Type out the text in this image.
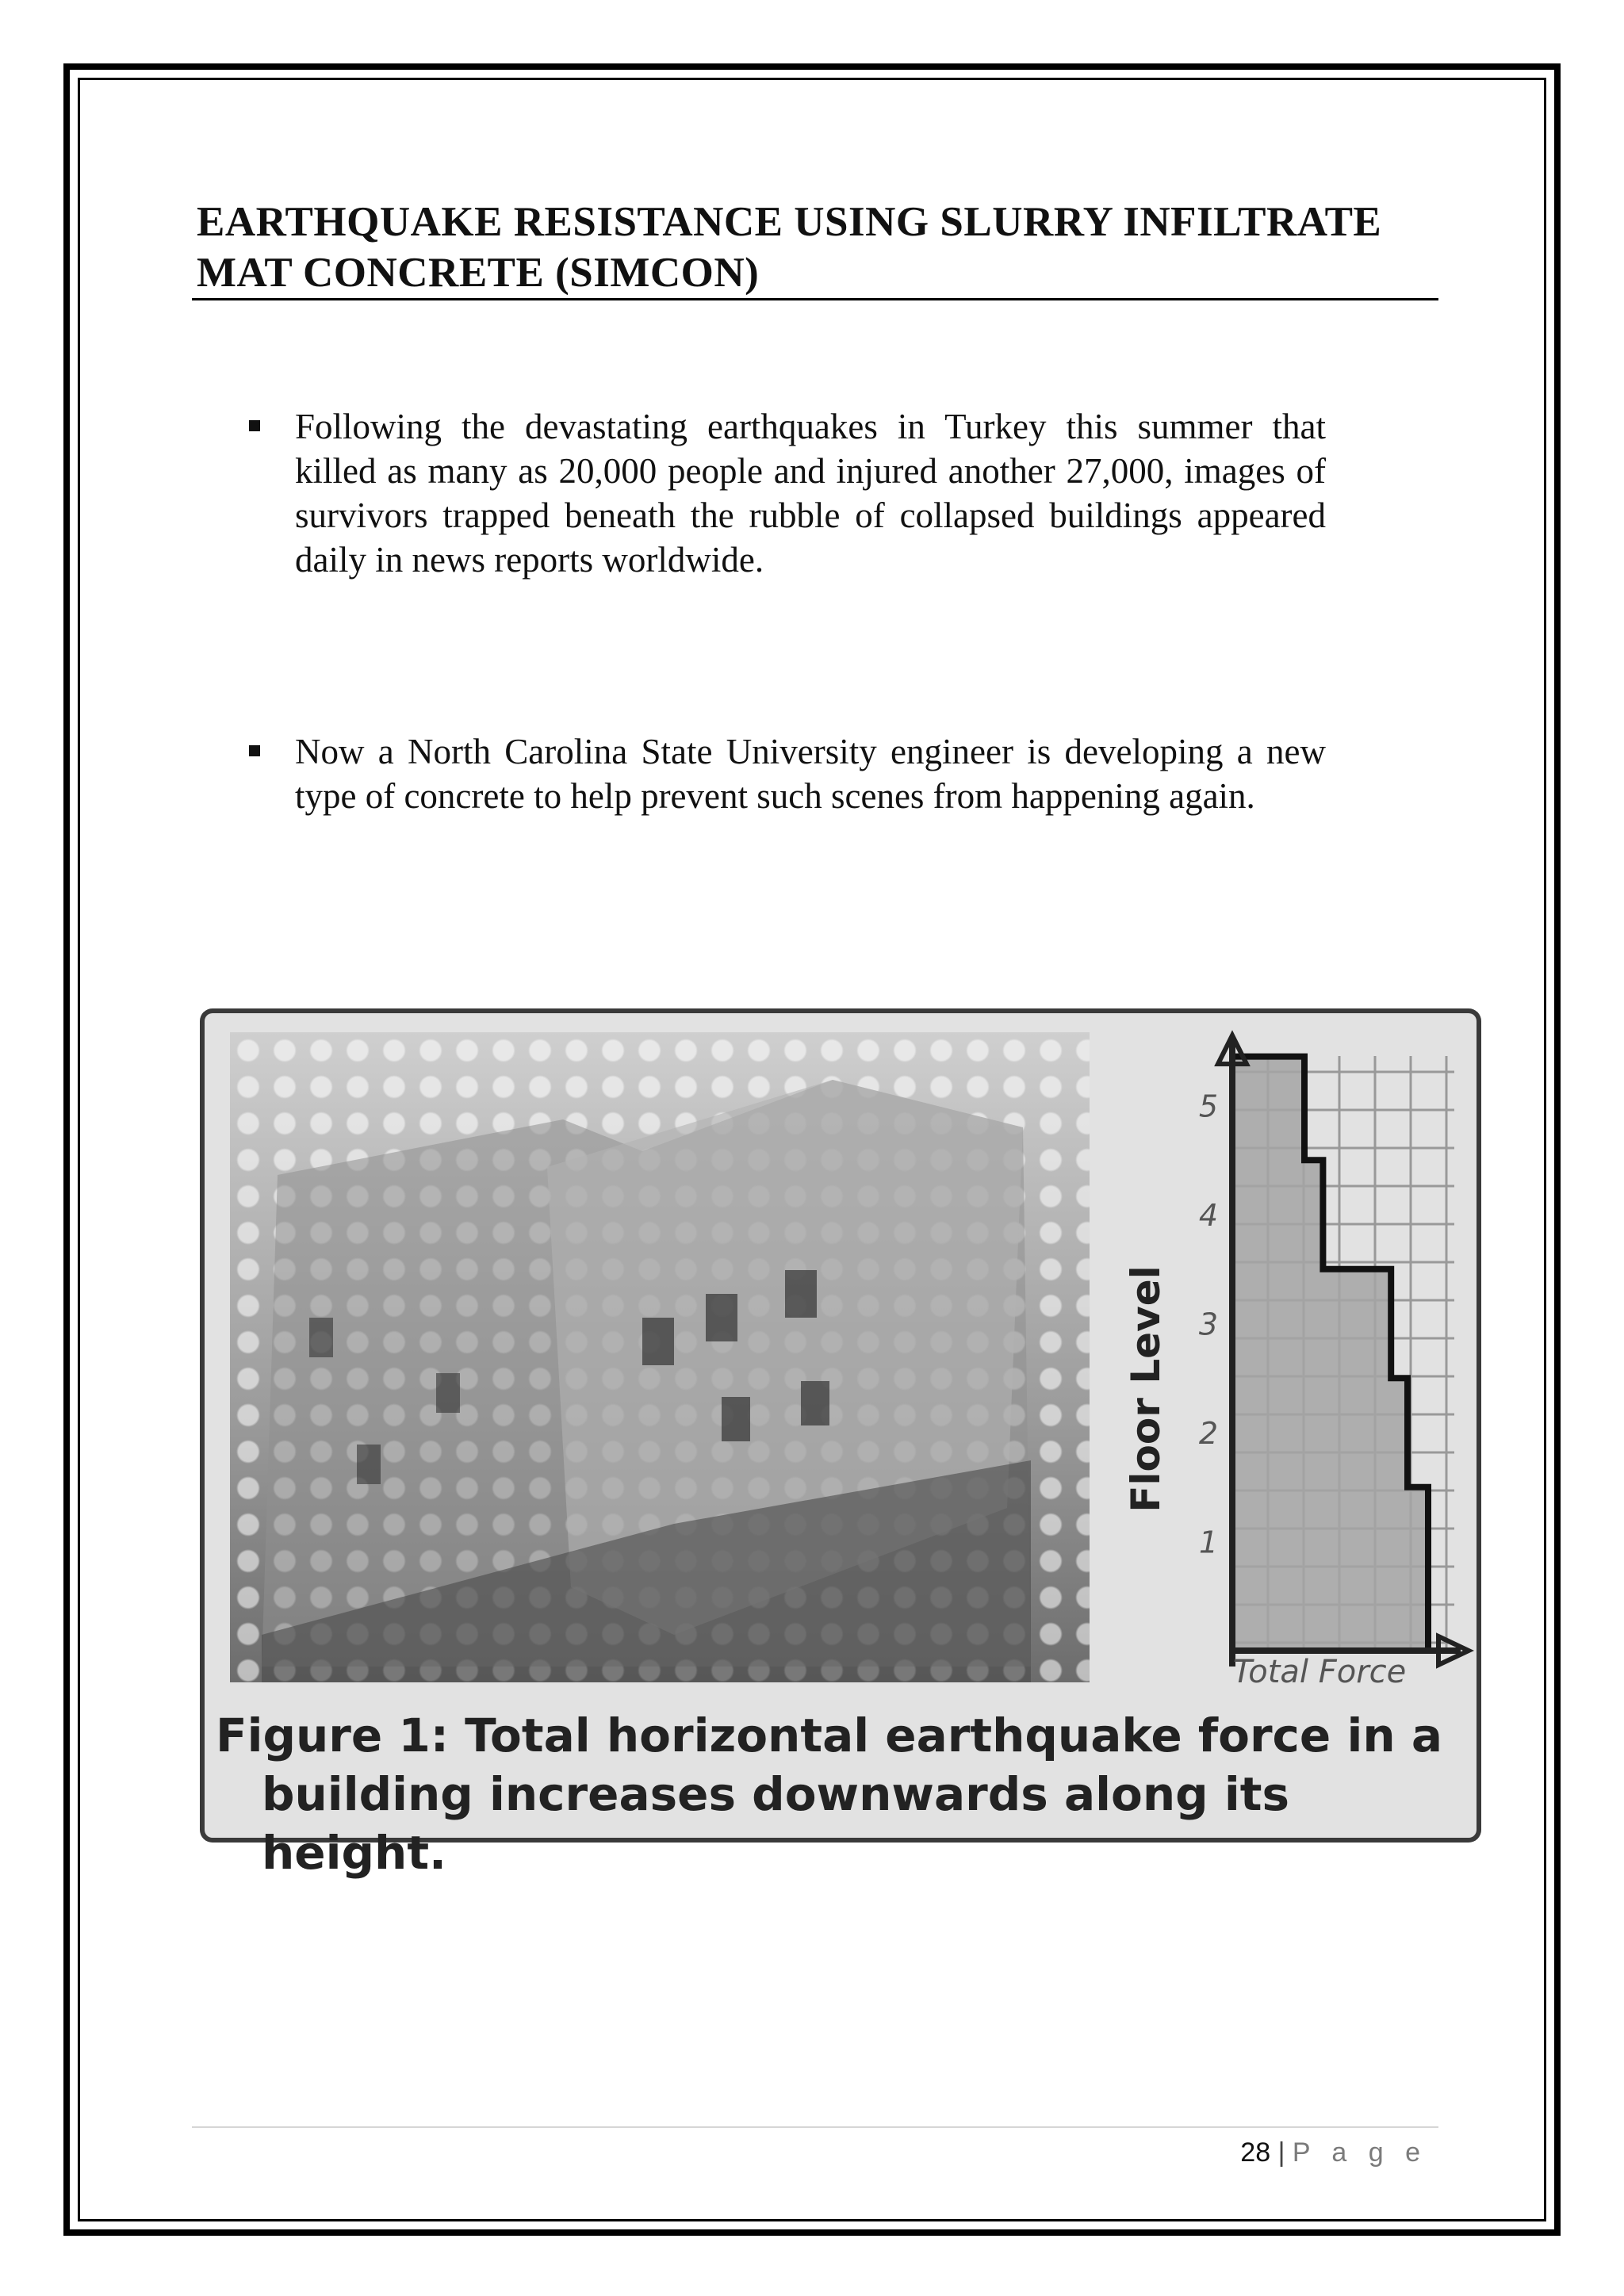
EARTHQUAKE RESISTANCE USING SLURRY INFILTRATE MAT CONCRETE (SIMCON)
Following the devastating earthquakes in Turkey this summer that killed as many as 20,000 people and injured another 27,000, images of survivors trapped beneath the rubble of collapsed buildings appeared daily in news reports worldwide.
Now a North Carolina State University engineer is developing a new type of concrete to help prevent such scenes from happening again.
1
2
3
4
5
Floor Level
Total Force
Figure 1: Total horizontal earthquake force in a
building increases downwards along its height.
28 | P a g e
